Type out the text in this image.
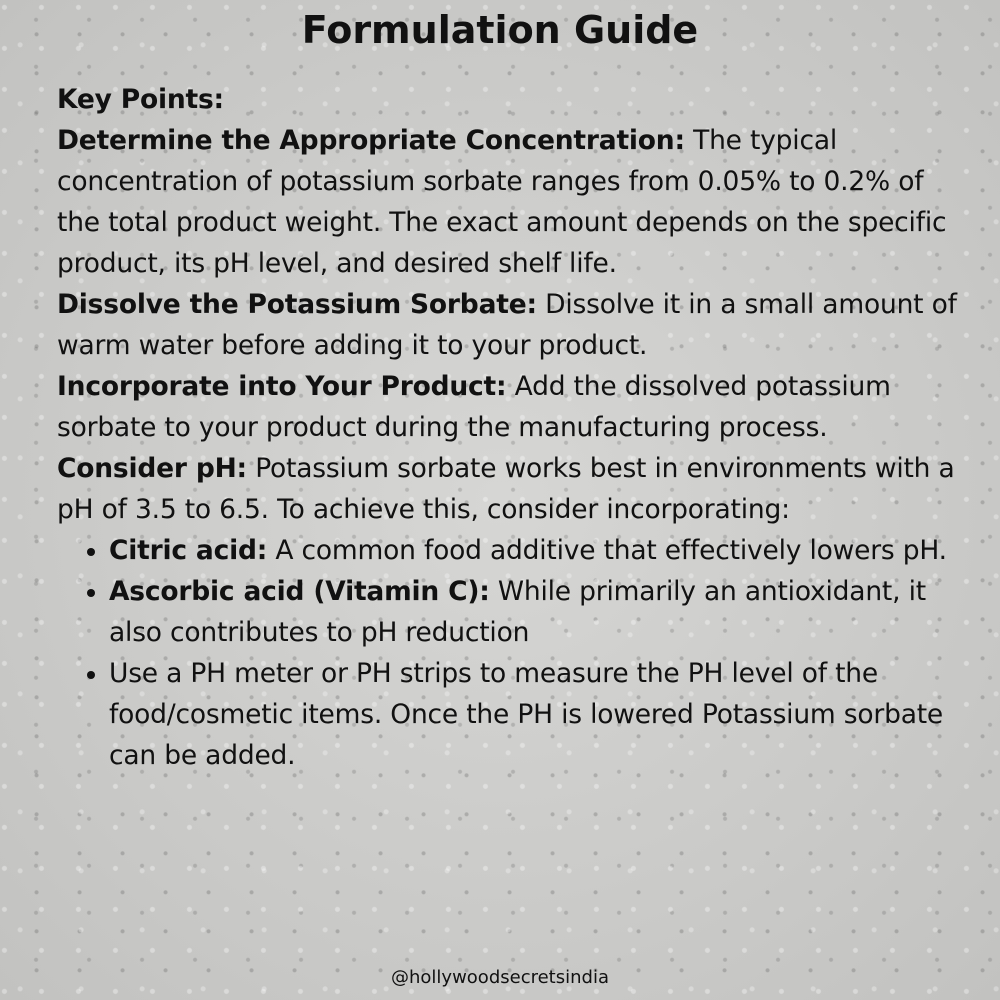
Formulation Guide

Key Points:

Determine the Appropriate Concentration: The typical concentration of potassium sorbate ranges from 0.05% to 0.2% of the total product weight. The exact amount depends on the specific product, its pH level, and desired shelf life.

Dissolve the Potassium Sorbate: Dissolve it in a small amount of warm water before adding it to your product.

Incorporate into Your Product: Add the dissolved potassium sorbate to your product during the manufacturing process.

Consider pH: Potassium sorbate works best in environments with a pH of 3.5 to 6.5. To achieve this, consider incorporating:

• Citric acid: A common food additive that effectively lowers pH.
• Ascorbic acid (Vitamin C): While primarily an antioxidant, it also contributes to pH reduction
• Use a PH meter or PH strips to measure the PH level of the food/cosmetic items. Once the PH is lowered Potassium sorbate can be added.
@hollywoodsecretsindia
